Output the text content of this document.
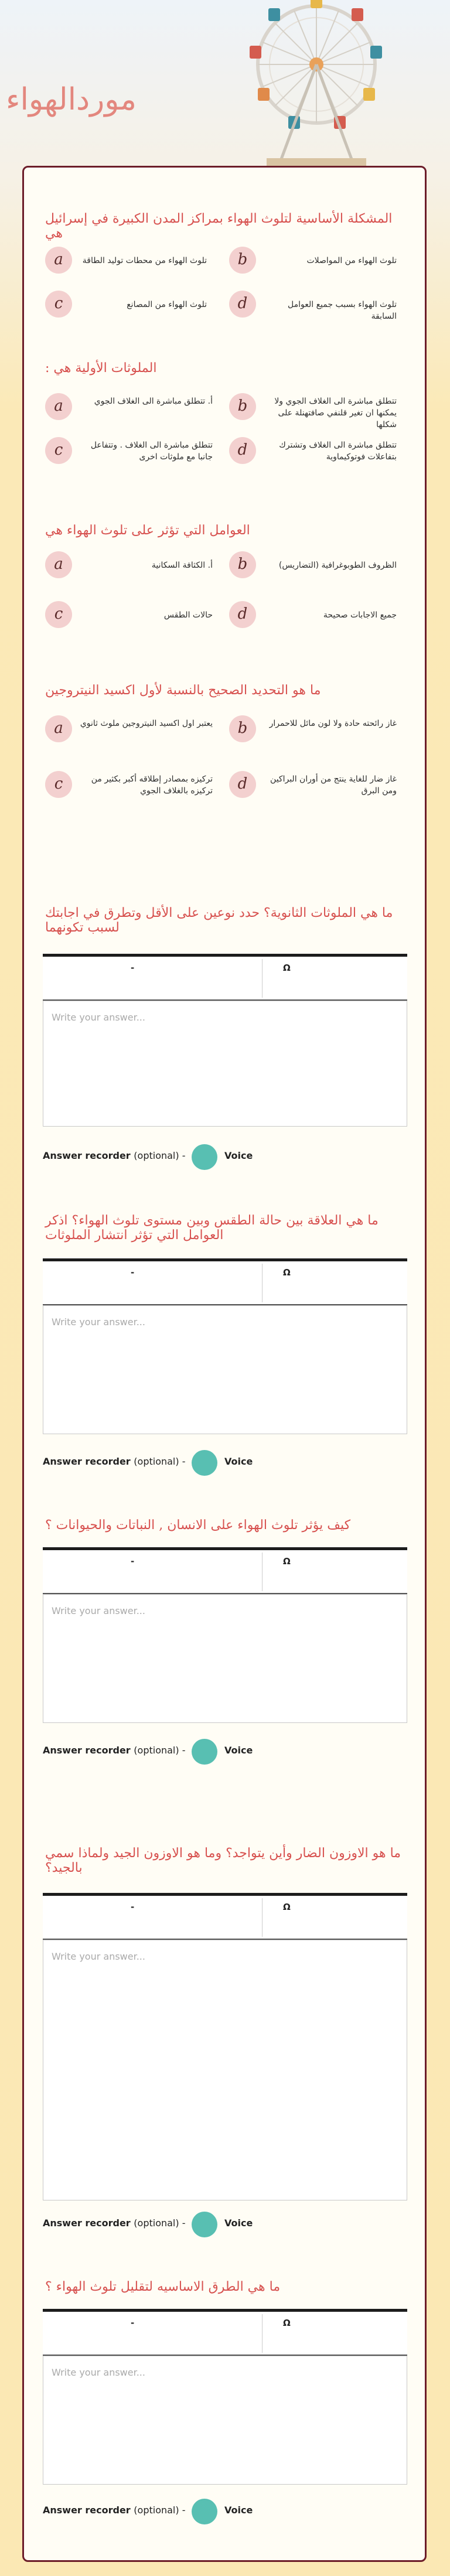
موردالهواء
المشكلة الأساسية لتلوث الهواء بمراكز المدن الكبيرة في إسرائيل هي
a	تلوث الهواء من محطات توليد الطاقة	b	تلوث الهواء من المواصلات
c	تلوث الهواء من المصانع	d	تلوث الهواء بسبب جميع العوامل السابقة
الملوثات الأولية هي :
a	أ. تتطلق مباشرة الى الغلاف الجوي	b	تتطلق مباشرة الى الغلاف الجوي ولا يمكنها ان تغير قلنفي صافتهنلة على شكلها
c	تتطلق مباشرة الى الغلاف . وتتفاعل جانبا مع ملوثات اخرى	d	تتطلق مباشرة الى الغلاف وتشترك بتفاعلات فوتوكيماوية
العوامل التي تؤثر على تلوث الهواء هي
a	أ. الكثافة السكانية	b	الظروف الطوبوغرافية (التضاريس)
c	حالات الطقس	d	جميع الاجابات صحيحة
ما هو التحديد الصحيح بالنسبة لأول اكسيد النيتروجين
a	يعتبر اول اكسيد النيتروجين ملوث ثانوي	b	غاز رائحته حادة ولا لون مائل للاحمرار
c	تركيزه بمصادر إطلاقه أكبر بكثير من تركيزه بالغلاف الجوي	d	غاز ضار للغاية ينتج من أوران البراكين ومن البرق
ما هي الملوثات الثانوية؟ حدد نوعين على الأقل وتطرق في اجابتك لسبب تكونهما
-	Ω
Write your answer...
Answer recorder (optional) -	Voice
ما هي العلاقة بين حالة الطقس وبين مستوى تلوث الهواء؟ اذكر العوامل التي تؤثر انتشار الملوثات
-	Ω
Write your answer...
Answer recorder (optional) -	Voice
كيف يؤثر تلوث الهواء على الانسان , النباتات والحيوانات ؟
-	Ω
Write your answer...
Answer recorder (optional) -	Voice
ما هو الاوزون الضار وأين يتواجد؟ وما هو الاوزون الجيد ولماذا سمي بالجيد؟
-	Ω
Write your answer...
Answer recorder (optional) -	Voice
ما هي الطرق الاساسيه لتقليل تلوث الهواء ؟
-	Ω
Write your answer...
Answer recorder (optional) -	Voice
